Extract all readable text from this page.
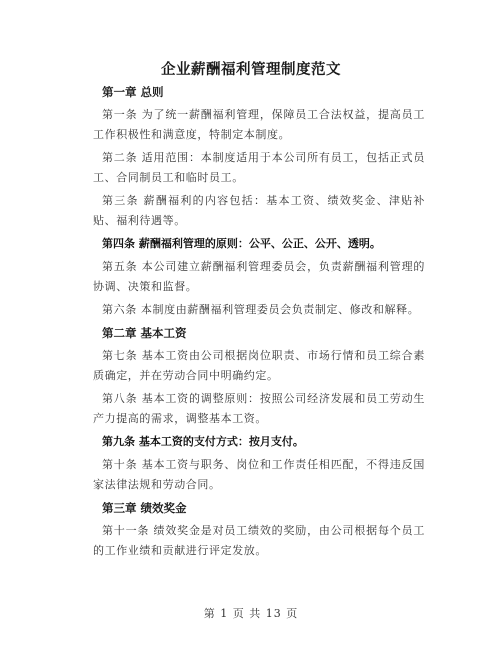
企业薪酬福利管理制度范文
第一章 总则

第一条 为了统一薪酬福利管理，保障员工合法权益，提高员工工作积极性和满意度，特制定本制度。

第二条 适用范围：本制度适用于本公司所有员工，包括正式员工、合同制员工和临时员工。

第三条 薪酬福利的内容包括：基本工资、绩效奖金、津贴补贴、福利待遇等。

第四条 薪酬福利管理的原则：公平、公正、公开、透明。

第五条 本公司建立薪酬福利管理委员会，负责薪酬福利管理的协调、决策和监督。

第六条 本制度由薪酬福利管理委员会负责制定、修改和解释。

第二章 基本工资

第七条 基本工资由公司根据岗位职责、市场行情和员工综合素质确定，并在劳动合同中明确约定。

第八条 基本工资的调整原则：按照公司经济发展和员工劳动生产力提高的需求，调整基本工资。

第九条 基本工资的支付方式：按月支付。

第十条 基本工资与职务、岗位和工作责任相匹配，不得违反国家法律法规和劳动合同。

第三章 绩效奖金

第十一条 绩效奖金是对员工绩效的奖励，由公司根据每个员工的工作业绩和贡献进行评定发放。

第 1 页 共 13 页
